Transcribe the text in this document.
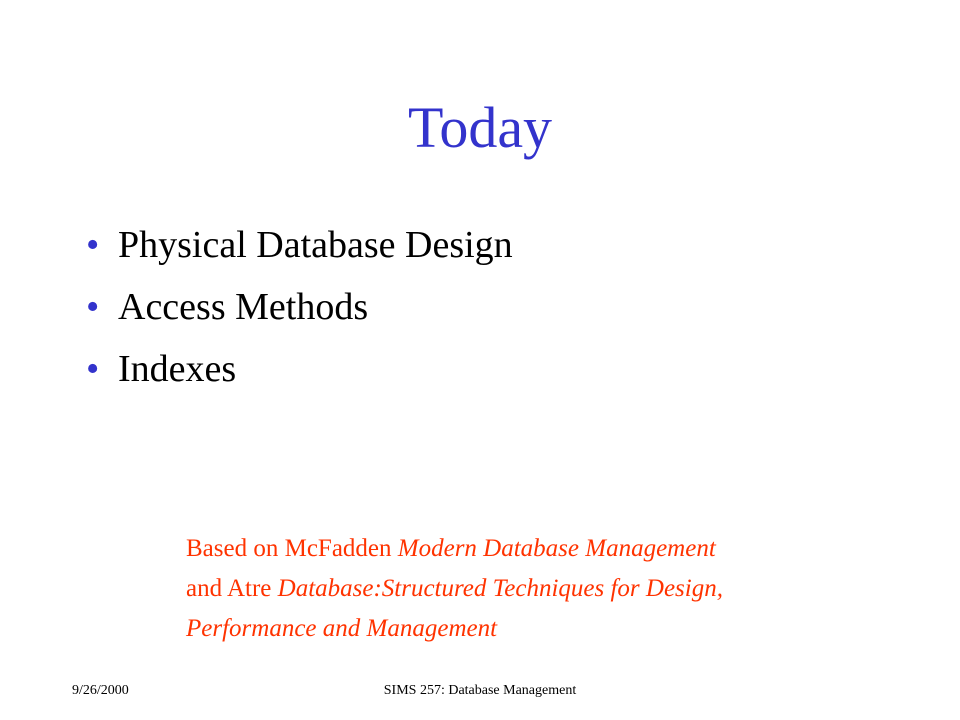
Today
• Physical Database Design
• Access Methods
• Indexes
Based on McFadden Modern Database Management
and Atre Database:Structured Techniques for Design,
Performance and Management
9/26/2000	SIMS 257: Database Management
